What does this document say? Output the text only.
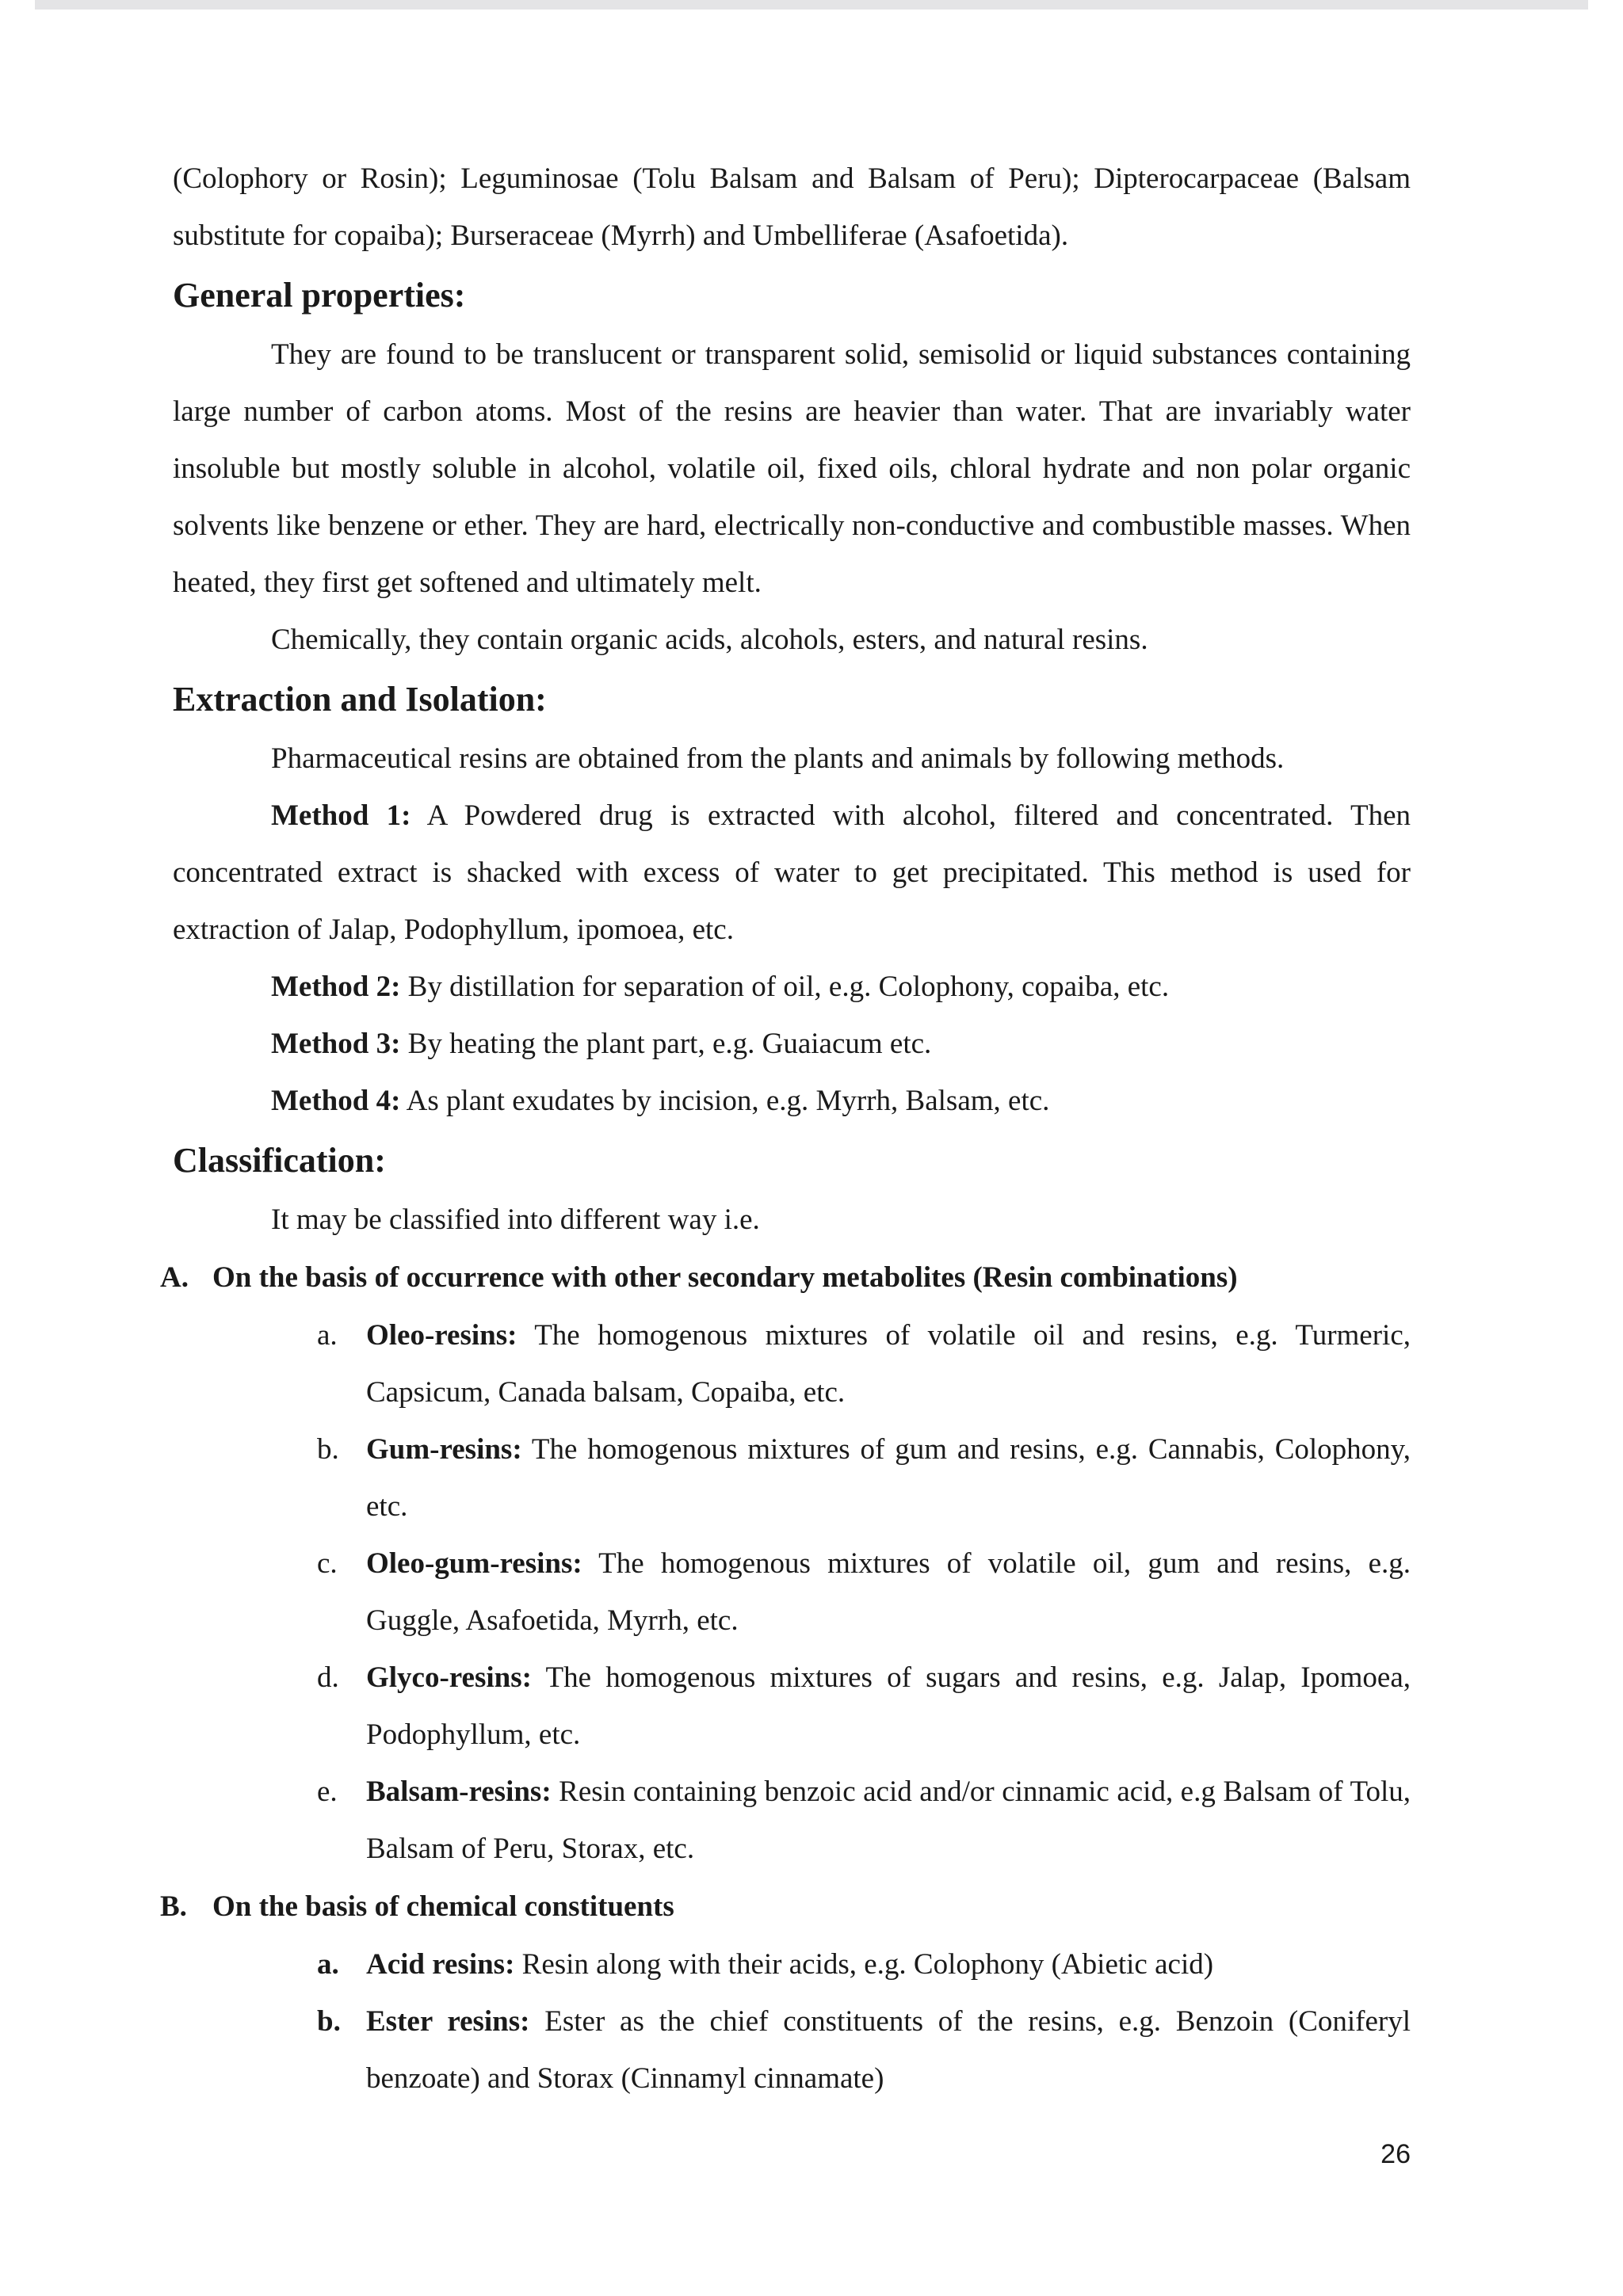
(Colophory or Rosin); Leguminosae (Tolu Balsam and Balsam of Peru); Dipterocarpaceae (Balsam substitute for copaiba); Burseraceae (Myrrh) and Umbelliferae (Asafoetida).

General properties:

They are found to be translucent or transparent solid, semisolid or liquid substances containing large number of carbon atoms. Most of the resins are heavier than water. That are invariably water insoluble but mostly soluble in alcohol, volatile oil, fixed oils, chloral hydrate and non polar organic solvents like benzene or ether. They are hard, electrically non-conductive and combustible masses. When heated, they first get softened and ultimately melt.

Chemically, they contain organic acids, alcohols, esters, and natural resins.

Extraction and Isolation:

Pharmaceutical resins are obtained from the plants and animals by following methods.

Method 1: A Powdered drug is extracted with alcohol, filtered and concentrated. Then concentrated extract is shacked with excess of water to get precipitated. This method is used for extraction of Jalap, Podophyllum, ipomoea, etc.

Method 2: By distillation for separation of oil, e.g. Colophony, copaiba, etc.

Method 3: By heating the plant part, e.g. Guaiacum etc.

Method 4: As plant exudates by incision, e.g. Myrrh, Balsam, etc.

Classification:

It may be classified into different way i.e.

A. On the basis of occurrence with other secondary metabolites (Resin combinations)
a. Oleo-resins: The homogenous mixtures of volatile oil and resins, e.g. Turmeric, Capsicum, Canada balsam, Copaiba, etc.
b. Gum-resins: The homogenous mixtures of gum and resins, e.g. Cannabis, Colophony, etc.
c. Oleo-gum-resins: The homogenous mixtures of volatile oil, gum and resins, e.g. Guggle, Asafoetida, Myrrh, etc.
d. Glyco-resins: The homogenous mixtures of sugars and resins, e.g. Jalap, Ipomoea, Podophyllum, etc.
e. Balsam-resins: Resin containing benzoic acid and/or cinnamic acid, e.g Balsam of Tolu, Balsam of Peru, Storax, etc.
B. On the basis of chemical constituents
a. Acid resins: Resin along with their acids, e.g. Colophony (Abietic acid)
b. Ester resins: Ester as the chief constituents of the resins, e.g. Benzoin (Coniferyl benzoate) and Storax (Cinnamyl cinnamate)
26
